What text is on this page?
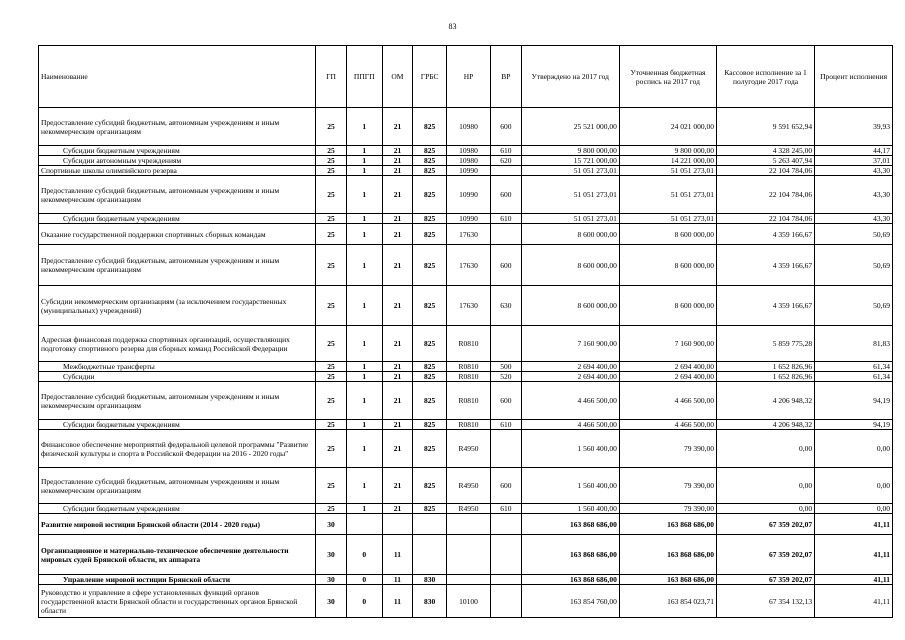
83
Наименование	ГП	ППГП	ОМ	ГРБС	НР	ВР	Утверждено на 2017 год	Уточненная бюджетная роспись на 2017 год	Кассовое исполнение за 1 полугодие 2017 года	Процент исполнения
Предоставление субсидий бюджетным, автономным учреждениям и иным некоммерческим организациям	25	1	21	825	10980	600	25 521 000,00	24 021 000,00	9 591 652,94	39,93
Субсидии бюджетным учреждениям	25	1	21	825	10980	610	9 800 000,00	9 800 000,00	4 328 245,00	44,17
Субсидии автономным учреждениям	25	1	21	825	10980	620	15 721 000,00	14 221 000,00	5 263 407,94	37,01
Спортивные школы олимпийского резерва	25	1	21	825	10990		51 051 273,01	51 051 273,01	22 104 784,06	43,30
Предоставление субсидий бюджетным, автономным учреждениям и иным некоммерческим организациям	25	1	21	825	10990	600	51 051 273,01	51 051 273,01	22 104 784,06	43,30
Субсидии бюджетным учреждениям	25	1	21	825	10990	610	51 051 273,01	51 051 273,01	22 104 784,06	43,30
Оказание государственной поддержки спортивных сборных командам	25	1	21	825	17630		8 600 000,00	8 600 000,00	4 359 166,67	50,69
Предоставление субсидий бюджетным, автономным учреждениям и иным некоммерческим организациям	25	1	21	825	17630	600	8 600 000,00	8 600 000,00	4 359 166,67	50,69
Субсидии некоммерческим организациям (за исключением государственных (муниципальных) учреждений)	25	1	21	825	17630	630	8 600 000,00	8 600 000,00	4 359 166,67	50,69
Адресная финансовая поддержка спортивных организаций, осуществляющих подготовку спортивного резерва для сборных команд Российской Федерации	25	1	21	825	R0810		7 160 900,00	7 160 900,00	5 859 775,28	81,83
Межбюджетные трансферты	25	1	21	825	R0810	500	2 694 400,00	2 694 400,00	1 652 826,96	61,34
Субсидии	25	1	21	825	R0810	520	2 694 400,00	2 694 400,00	1 652 826,96	61,34
Предоставление субсидий бюджетным, автономным учреждениям и иным некоммерческим организациям	25	1	21	825	R0810	600	4 466 500,00	4 466 500,00	4 206 948,32	94,19
Субсидии бюджетным учреждениям	25	1	21	825	R0810	610	4 466 500,00	4 466 500,00	4 206 948,32	94,19
Финансовое обеспечение мероприятий федеральной целевой программы "Развитие физической культуры и спорта в Российской Федерации на 2016 - 2020 годы"	25	1	21	825	R4950		1 560 400,00	79 390,00	0,00	0,00
Предоставление субсидий бюджетным, автономным учреждениям и иным некоммерческим организациям	25	1	21	825	R4950	600	1 560 400,00	79 390,00	0,00	0,00
Субсидии бюджетным учреждениям	25	1	21	825	R4950	610	1 560 400,00	79 390,00	0,00	0,00
Развитие мировой юстиции Брянской области (2014 - 2020 годы)	30						163 868 686,00	163 868 686,00	67 359 202,07	41,11
Организационное и материально-техническое обеспечение деятельности мировых судей Брянской области, их аппарата	30	0	11				163 868 686,00	163 868 686,00	67 359 202,07	41,11
Управление мировой юстиции Брянской области	30	0	11	830			163 868 686,00	163 868 686,00	67 359 202,07	41,11
Руководство и управление в сфере установленных функций органов государственной власти Брянской области и государственных органов Брянской области	30	0	11	830	10100		163 854 760,00	163 854 023,71	67 354 132,13	41,11
